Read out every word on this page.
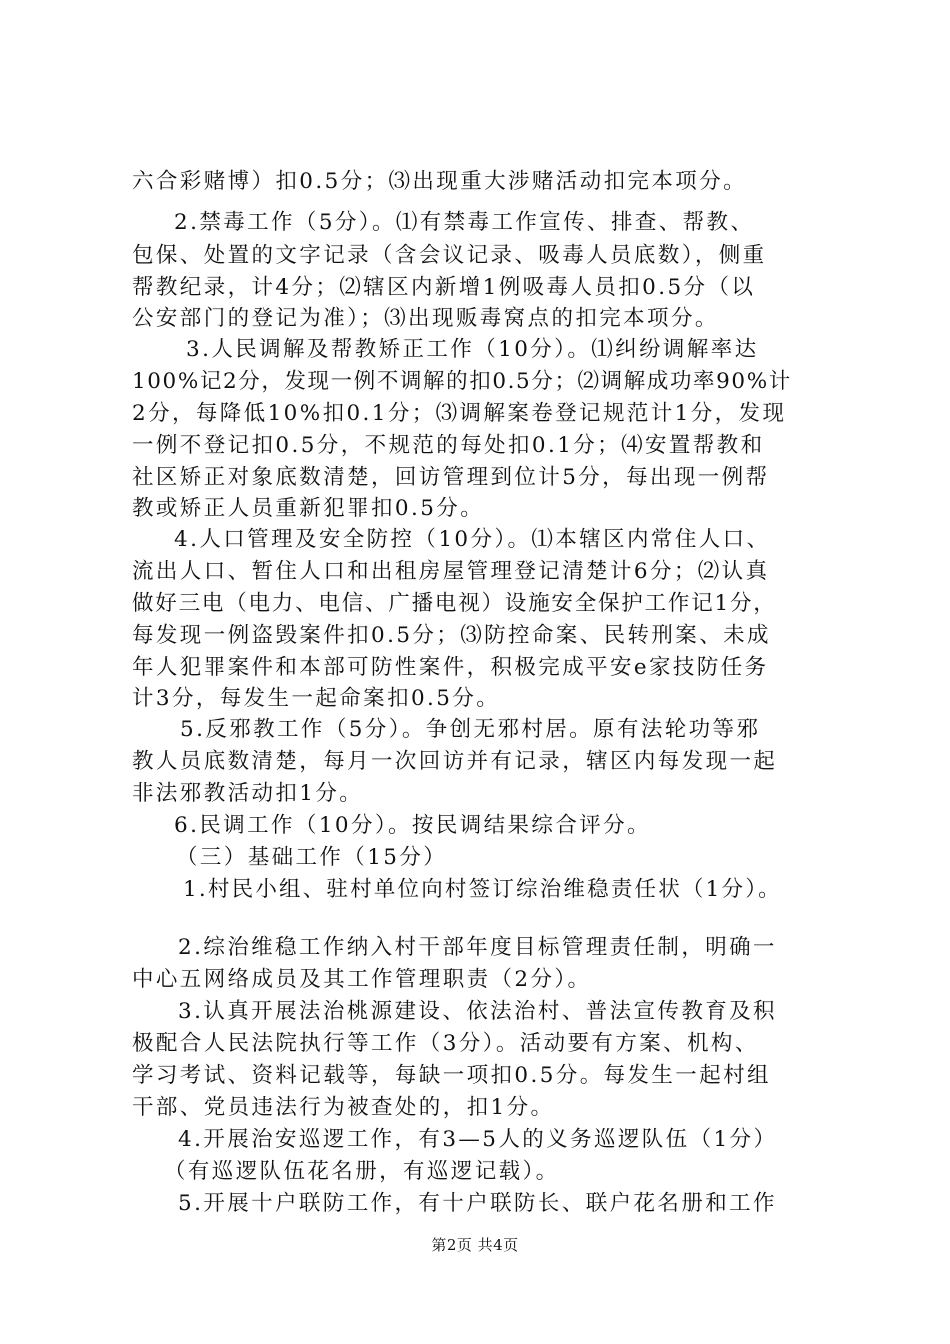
六合彩赌博）扣0.5分；⑶出现重大涉赌活动扣完本项分。
2.禁毒工作（5分）。⑴有禁毒工作宣传、排查、帮教、
包保、处置的文字记录（含会议记录、吸毒人员底数），侧重
帮教纪录，计4分；⑵辖区内新增1例吸毒人员扣0.5分（以
公安部门的登记为准）；⑶出现贩毒窝点的扣完本项分。
3.人民调解及帮教矫正工作（10分）。⑴纠纷调解率达
100%记2分，发现一例不调解的扣0.5分；⑵调解成功率90%计
2分，每降低10%扣0.1分；⑶调解案卷登记规范计1分，发现
一例不登记扣0.5分，不规范的每处扣0.1分；⑷安置帮教和
社区矫正对象底数清楚，回访管理到位计5分，每出现一例帮
教或矫正人员重新犯罪扣0.5分。
4.人口管理及安全防控（10分）。⑴本辖区内常住人口、
流出人口、暂住人口和出租房屋管理登记清楚计6分；⑵认真
做好三电（电力、电信、广播电视）设施安全保护工作记1分，
每发现一例盗毁案件扣0.5分；⑶防控命案、民转刑案、未成
年人犯罪案件和本部可防性案件，积极完成平安e家技防任务
计3分，每发生一起命案扣0.5分。
5.反邪教工作（5分）。争创无邪村居。原有法轮功等邪
教人员底数清楚，每月一次回访并有记录，辖区内每发现一起
非法邪教活动扣1分。
6.民调工作（10分）。按民调结果综合评分。
（三）基础工作（15分）
1.村民小组、驻村单位向村签订综治维稳责任状（1分）。
2.综治维稳工作纳入村干部年度目标管理责任制，明确一
中心五网络成员及其工作管理职责（2分）。
3.认真开展法治桃源建设、依法治村、普法宣传教育及积
极配合人民法院执行等工作（3分）。活动要有方案、机构、
学习考试、资料记载等，每缺一项扣0.5分。每发生一起村组
干部、党员违法行为被查处的，扣1分。
4.开展治安巡逻工作，有3—5人的义务巡逻队伍（1分）
（有巡逻队伍花名册，有巡逻记载）。
5.开展十户联防工作，有十户联防长、联户花名册和工作
第2页 共4页
